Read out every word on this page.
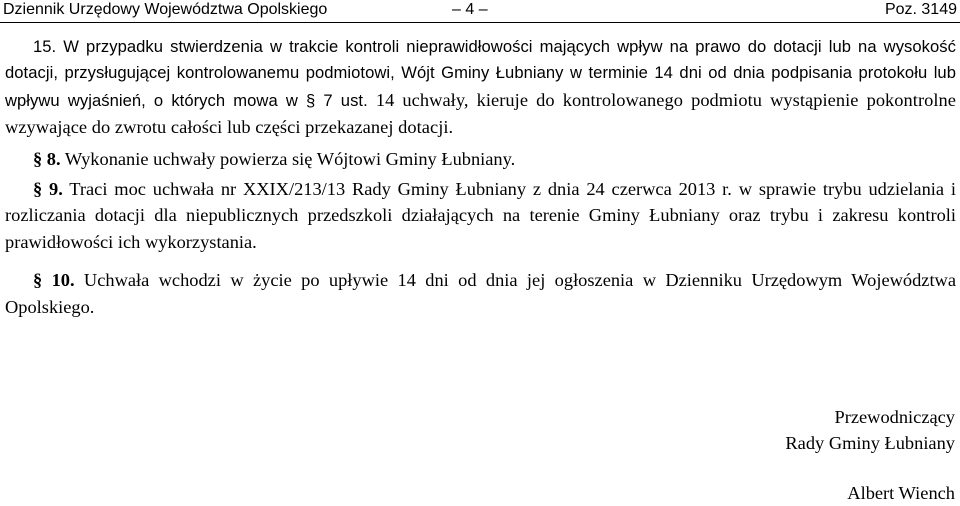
Dziennik Urzędowy Województwa Opolskiego	– 4 –	Poz. 3149

15. W przypadku stwierdzenia w trakcie kontroli nieprawidłowości mających wpływ na prawo do dotacji lub na wysokość dotacji, przysługującej kontrolowanemu podmiotowi, Wójt Gminy Łubniany w terminie 14 dni od dnia podpisania protokołu lub wpływu wyjaśnień, o których mowa w § 7 ust. 14 uchwały, kieruje do kontrolowanego podmiotu wystąpienie pokontrolne wzywające do zwrotu całości lub części przekazanej dotacji.

§ 8. Wykonanie uchwały powierza się Wójtowi Gminy Łubniany.

§ 9. Traci moc uchwała nr XXIX/213/13 Rady Gminy Łubniany z dnia 24 czerwca 2013 r. w sprawie trybu udzielania i rozliczania dotacji dla niepublicznych przedszkoli działających na terenie Gminy Łubniany oraz trybu i zakresu kontroli prawidłowości ich wykorzystania.

§ 10. Uchwała wchodzi w życie po upływie 14 dni od dnia jej ogłoszenia w Dzienniku Urzędowym Województwa Opolskiego.

Przewodniczący
Rady Gminy Łubniany
Albert Wiench
